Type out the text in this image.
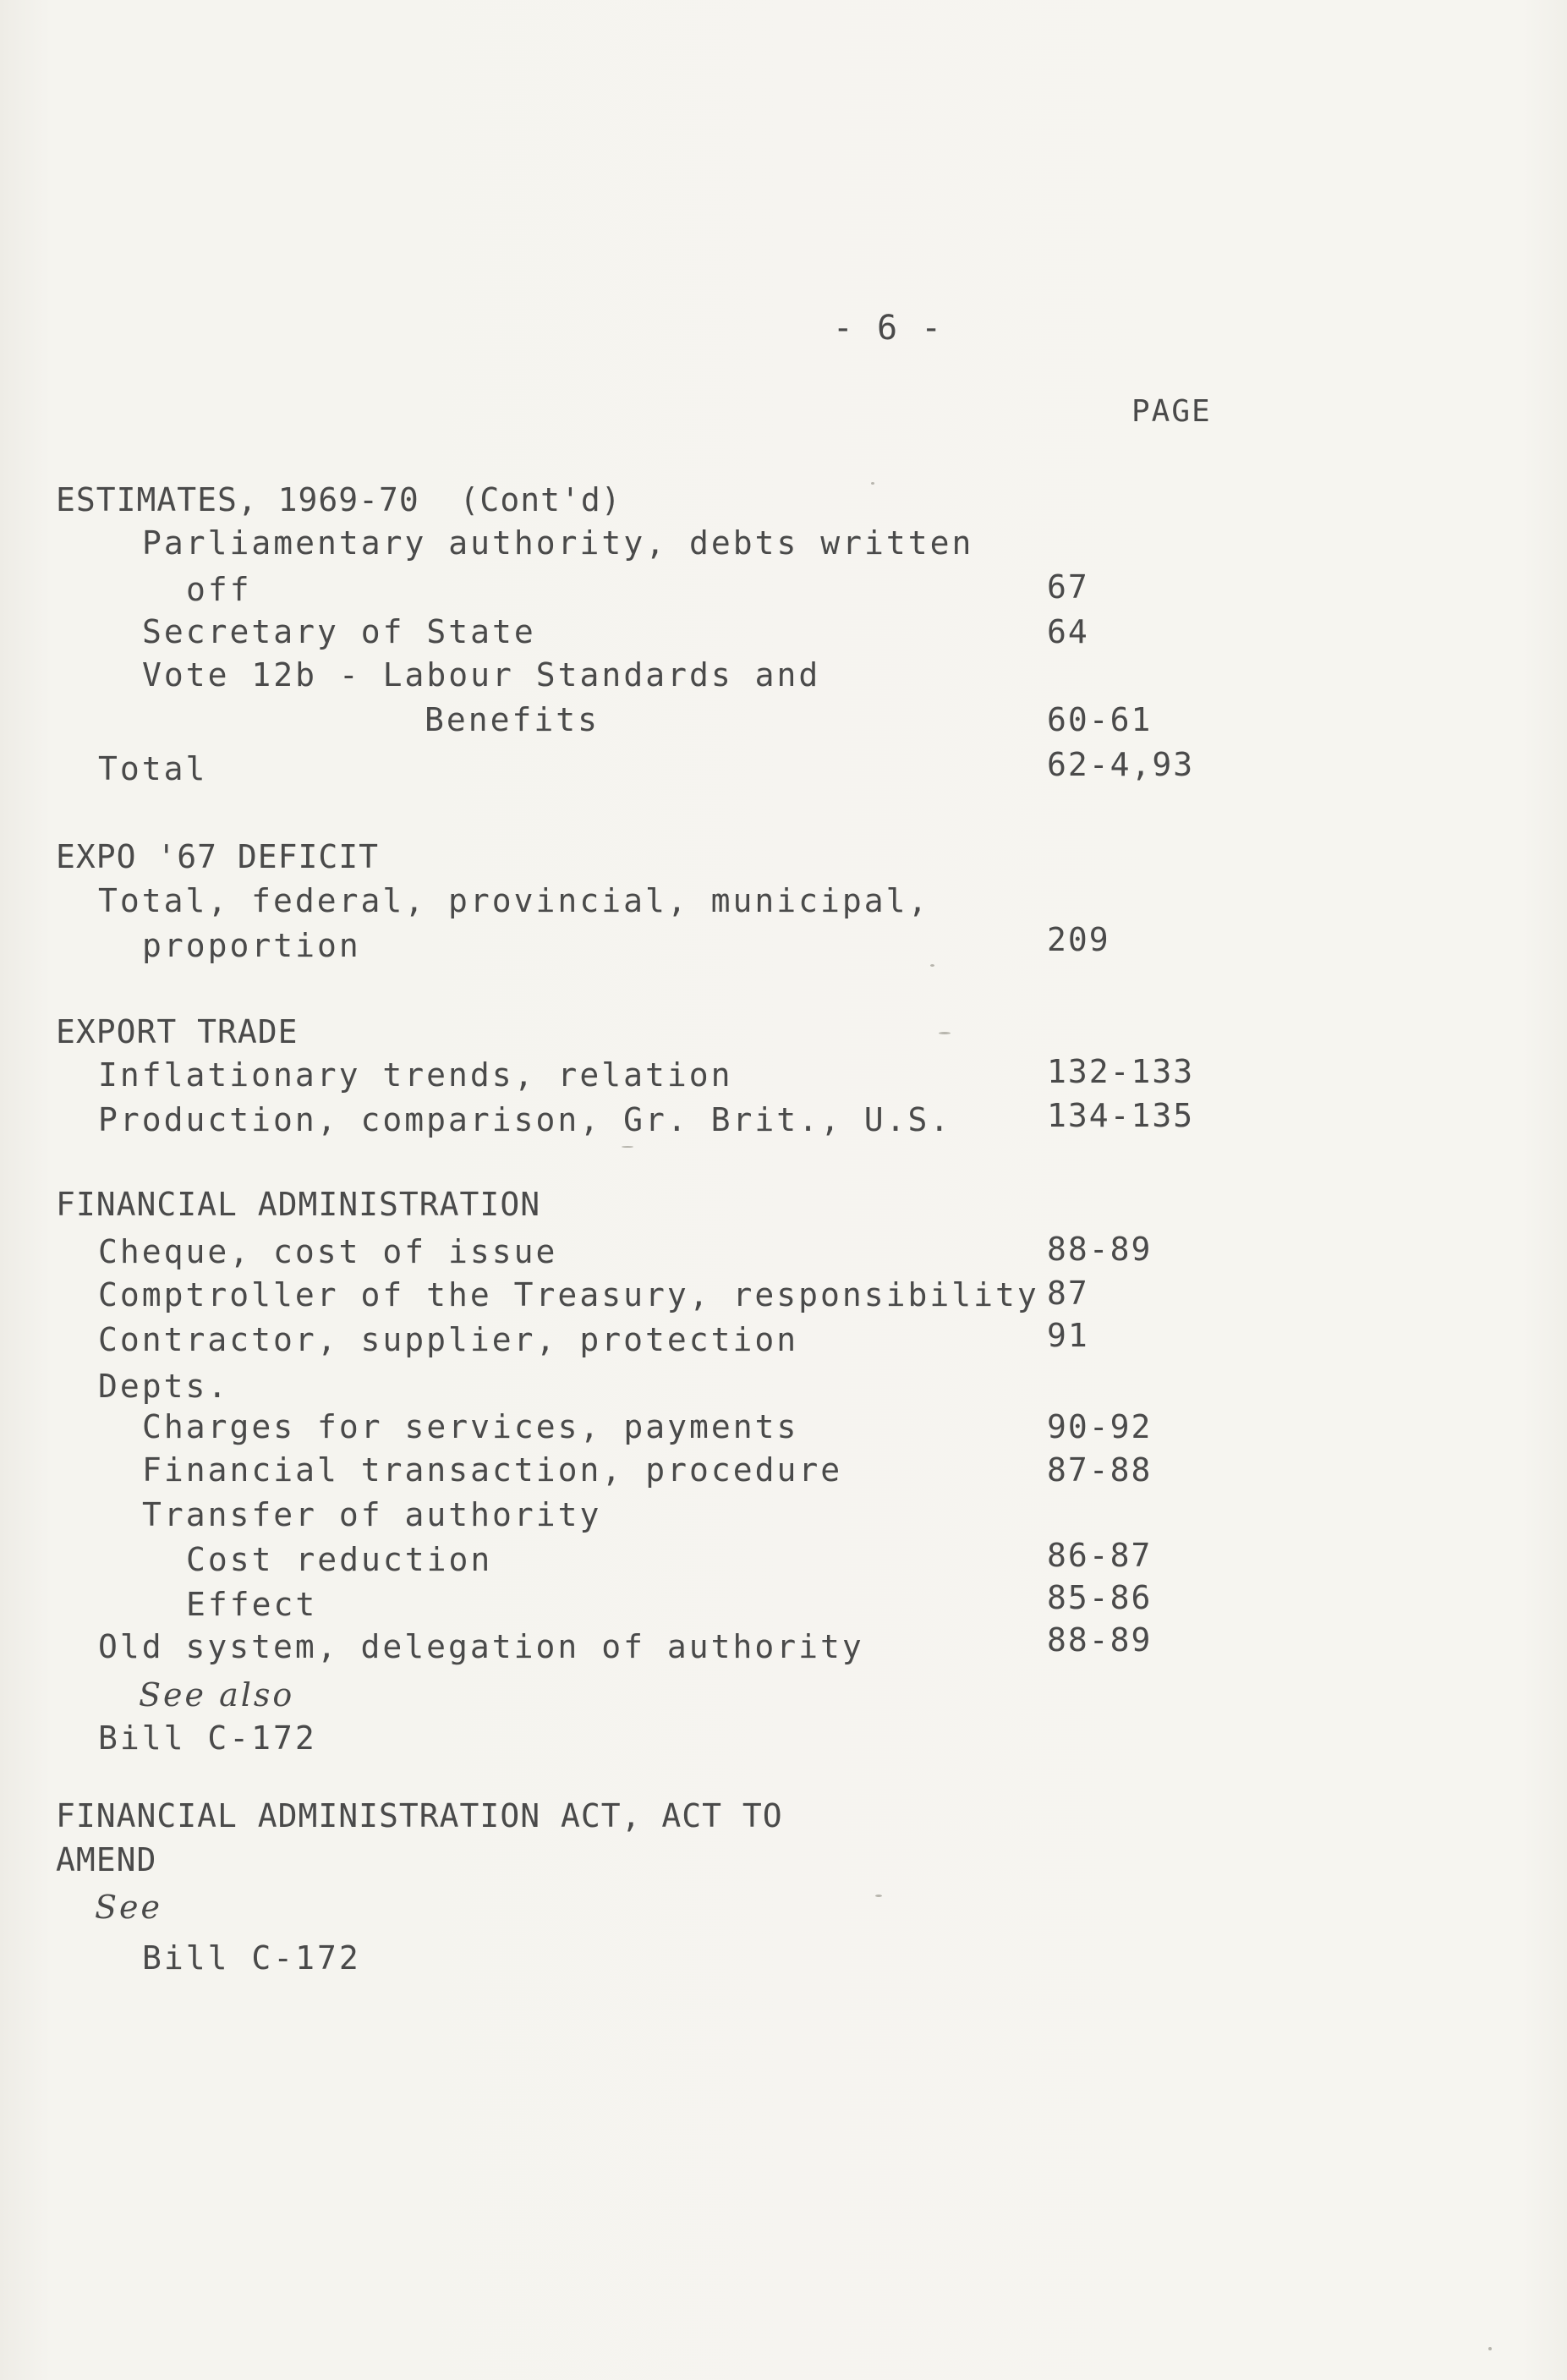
- 6 -
PAGE
ESTIMATES, 1969-70  (Cont'd)
Parliamentary authority, debts written
off	67
Secretary of State	64
Vote 12b - Labour Standards and
Benefits	60-61
Total	62-4,93
EXPO '67 DEFICIT
Total, federal, provincial, municipal,
proportion	209
EXPORT TRADE
Inflationary trends, relation	132-133
Production, comparison, Gr. Brit., U.S.	134-135
FINANCIAL ADMINISTRATION
Cheque, cost of issue	88-89
Comptroller of the Treasury, responsibility 87
Contractor, supplier, protection	91
Depts.
Charges for services, payments	90-92
Financial transaction, procedure	87-88
Transfer of authority
Cost reduction	86-87
Effect	85-86
Old system, delegation of authority	88-89
See also
Bill C-172
FINANCIAL ADMINISTRATION ACT, ACT TO
AMEND
See
Bill C-172
